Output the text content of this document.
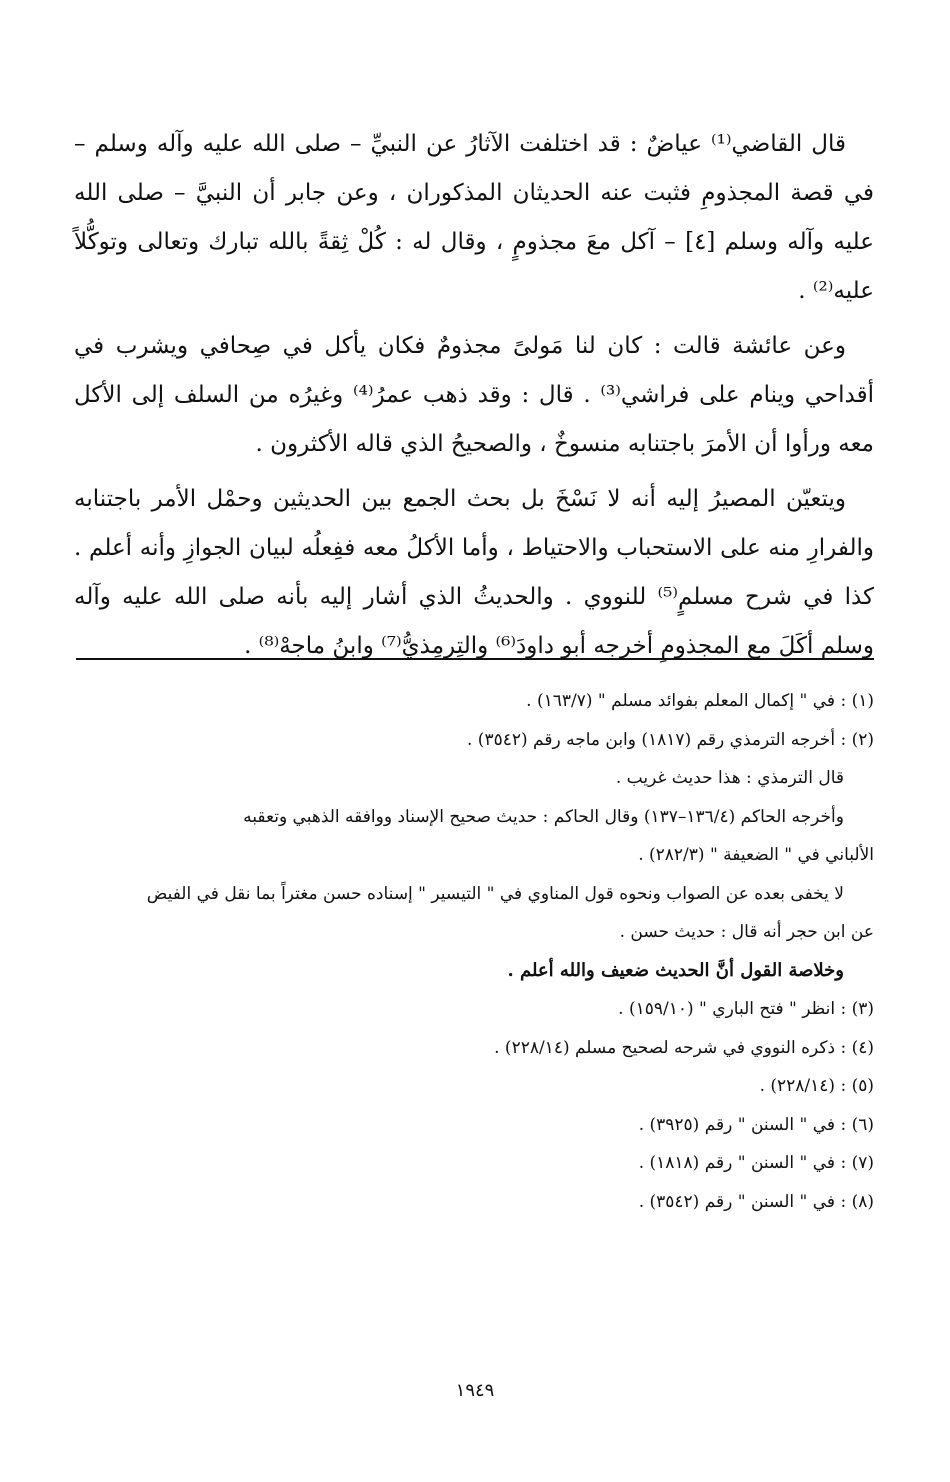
قال القاضي⁽¹⁾ عياضٌ : قد اختلفت الآثارُ عن النبيِّ – صلى الله عليه وآله وسلم – في قصة المجذومِ فثبت عنه الحديثان المذكوران ، وعن جابر أن النبيَّ – صلى الله عليه وآله وسلم [٤] – آكل معَ مجذومٍ ، وقال له : كُلْ ثِقةً بالله تبارك وتعالى وتوكُّلاً عليه⁽²⁾ .

وعن عائشة قالت : كان لنا مَولىً مجذومٌ فكان يأكل في صِحافي ويشرب في أقداحي وينام على فراشي⁽³⁾ . قال : وقد ذهب عمرُ⁽⁴⁾ وغيرُه من السلف إلى الأكل معه ورأوا أن الأمرَ باجتنابه منسوخٌ ، والصحيحُ الذي قاله الأكثرون .

ويتعيّن المصيرُ إليه أنه لا نَسْخَ بل بحث الجمع بين الحديثين وحمْل الأمر باجتنابه والفرارِ منه على الاستحباب والاحتياط ، وأما الأكلُ معه ففِعلُه لبيان الجوازِ وأنه أعلم . كذا في شرح مسلمٍ⁽⁵⁾ للنووي . والحديثُ الذي أشار إليه بأنه صلى الله عليه وآله وسلم أكَلَ مع المجذومِ أخرجه أبو داودَ⁽⁶⁾ والتِرمِذيُّ⁽⁷⁾ وابنُ ماجهْ⁽⁸⁾ .

(١) : في " إكمال المعلم بفوائد مسلم " (١٦٣/٧) .
(٢) : أخرجه الترمذي رقم (١٨١٧) وابن ماجه رقم (٣٥٤٢) .
قال الترمذي : هذا حديث غريب .
وأخرجه الحاكم (١٣٦/٤–١٣٧) وقال الحاكم : حديث صحيح الإسناد ووافقه الذهبي وتعقبه
الألباني في " الضعيفة " (٢٨٢/٣) .
لا يخفى بعده عن الصواب ونحوه قول المناوي في " التيسير " إسناده حسن مغتراً بما نقل في الفيض
عن ابن حجر أنه قال : حديث حسن .
وخلاصة القول أنَّ الحديث ضعيف والله أعلم .
(٣) : انظر " فتح الباري " (١٥٩/١٠) .
(٤) : ذكره النووي في شرحه لصحيح مسلم (٢٢٨/١٤) .
(٥) : (٢٢٨/١٤) .
(٦) : في " السنن " رقم (٣٩٢٥) .
(٧) : في " السنن " رقم (١٨١٨) .
(٨) : في " السنن " رقم (٣٥٤٢) .
١٩٤٩
